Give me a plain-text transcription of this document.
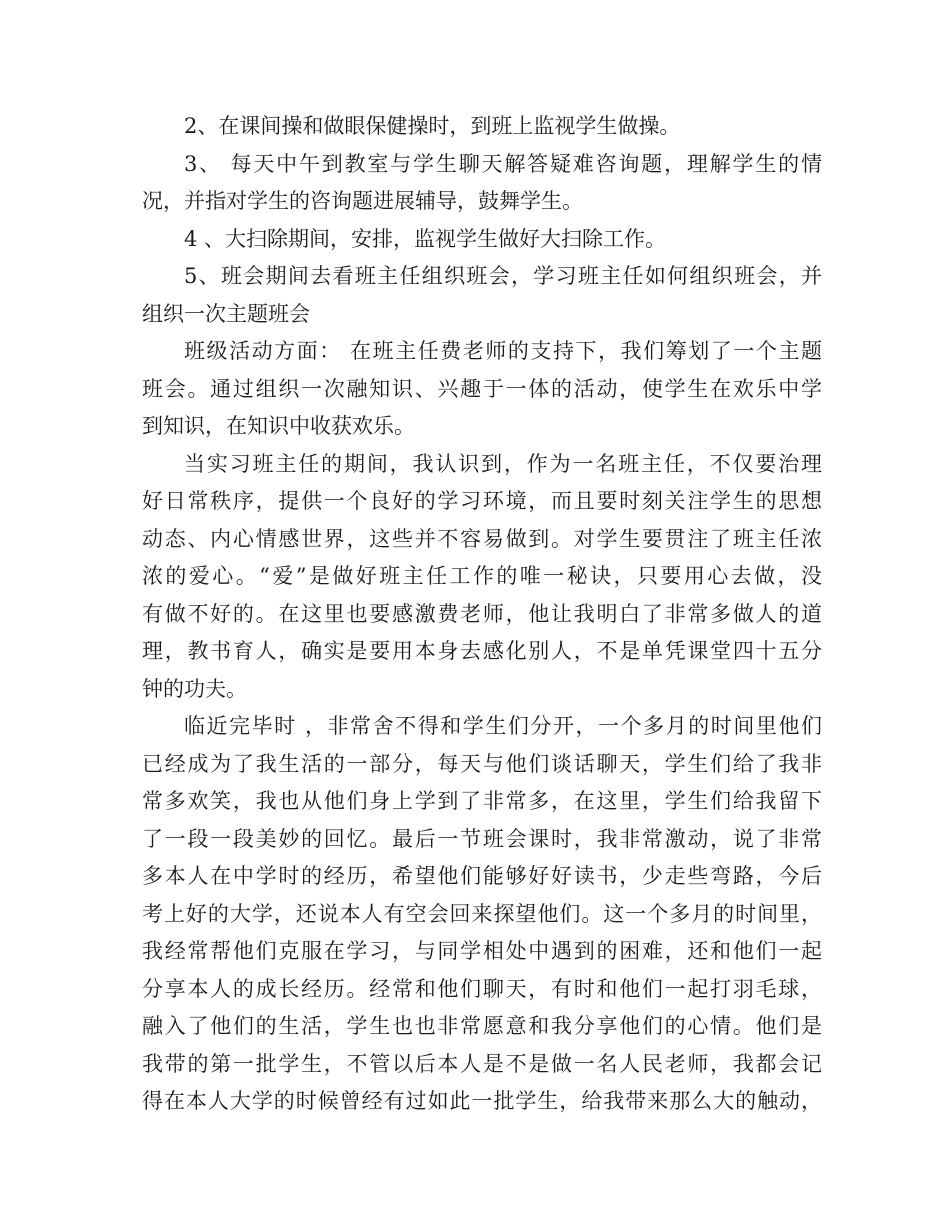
2、在课间操和做眼保健操时，到班上监视学生做操。
3、 每天中午到教室与学生聊天解答疑难咨询题，理解学生的情
况，并指对学生的咨询题进展辅导，鼓舞学生。
4 、大扫除期间，安排，监视学生做好大扫除工作。
5、班会期间去看班主任组织班会，学习班主任如何组织班会，并
组织一次主题班会
班级活动方面： 在班主任费老师的支持下，我们筹划了一个主题
班会。通过组织一次融知识、兴趣于一体的活动，使学生在欢乐中学
到知识，在知识中收获欢乐。
当实习班主任的期间，我认识到，作为一名班主任，不仅要治理
好日常秩序，提供一个良好的学习环境，而且要时刻关注学生的思想
动态、内心情感世界，这些并不容易做到。对学生要贯注了班主任浓
浓的爱心。“爱”是做好班主任工作的唯一秘诀，只要用心去做，没
有做不好的。在这里也要感激费老师，他让我明白了非常多做人的道
理，教书育人，确实是要用本身去感化别人，不是单凭课堂四十五分
钟的功夫。
临近完毕时 ，非常舍不得和学生们分开，一个多月的时间里他们
已经成为了我生活的一部分，每天与他们谈话聊天，学生们给了我非
常多欢笑，我也从他们身上学到了非常多，在这里，学生们给我留下
了一段一段美妙的回忆。最后一节班会课时，我非常激动，说了非常
多本人在中学时的经历，希望他们能够好好读书，少走些弯路，今后
考上好的大学，还说本人有空会回来探望他们。这一个多月的时间里，
我经常帮他们克服在学习，与同学相处中遇到的困难，还和他们一起
分享本人的成长经历。经常和他们聊天，有时和他们一起打羽毛球，
融入了他们的生活，学生也也非常愿意和我分享他们的心情。他们是
我带的第一批学生，不管以后本人是不是做一名人民老师，我都会记
得在本人大学的时候曾经有过如此一批学生，给我带来那么大的触动，
